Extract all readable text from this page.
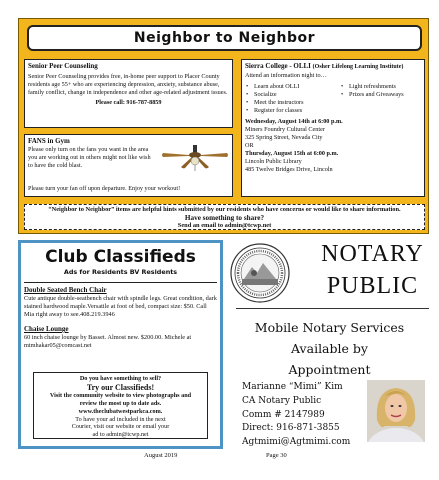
Neighbor to Neighbor
Senior Peer Counseling
Senior Peer Counseling provides free, in-home peer support to Placer County residents age 55+ who are experiencing depression, anxiety, substance abuse, family conflict, change in independence and other age-related adjustment issues.
Please call: 916-787-8859
FANS in Gym
Please only turn on the fans you want in the area you are working out in others might not like wish to have the cold blast.
Please turn your fan off upon departure. Enjoy your workout!
Sierra College - OLLI (Osher Lifelong Learning Institute)
Attend an information night to…
• Learn about OLLI
• Socialize
• Meet the instructors
• Register for classes
• Light refreshments
• Prizes and Giveaways
Wednesday, August 14th at 6:00 p.m.
Miners Foundry Cultural Center
325 Spring Street, Nevada City
OR
Thursday, August 15th at 6:00 p.m.
Lincoln Public Library
485 Twelve Bridges Drive, Lincoln
“Neighbor to Neighbor” items are helpful hints submitted by our residents who have concerns or would like to share information.
Have something to share?
Send an email to admin@tcwp.net
Club Classifieds
Ads for Residents BV Residents
Double Seated Bench Chair
Cute antique double-seatbench chair with spindle legs. Great condition, dark stained hardwood maple.Versatile at foot of bed, compact size: $50. Call Mia right away to see.408.219.3946
Chaise Lounge
60 inch chaise lounge by Basset. Almost new. $200.00. Michele at mtmhakar05@comcast.net
Do you have something to sell?
Try our Classifieds!
Visit the community website to view photographs and
review the most up to date ads.
www.theclubatwestparkca.com.
To have your ad included in the next
Courier, visit our website or email your
ad to admin@tcwp.net
NOTARY
PUBLIC
Mobile Notary Services
Available by
Appointment
Marianne “Mimi” Kim
CA Notary Public
Comm # 2147989
Direct: 916-871-3855
Agtmimi@Agtmimi.com
August 2019	Page 30
